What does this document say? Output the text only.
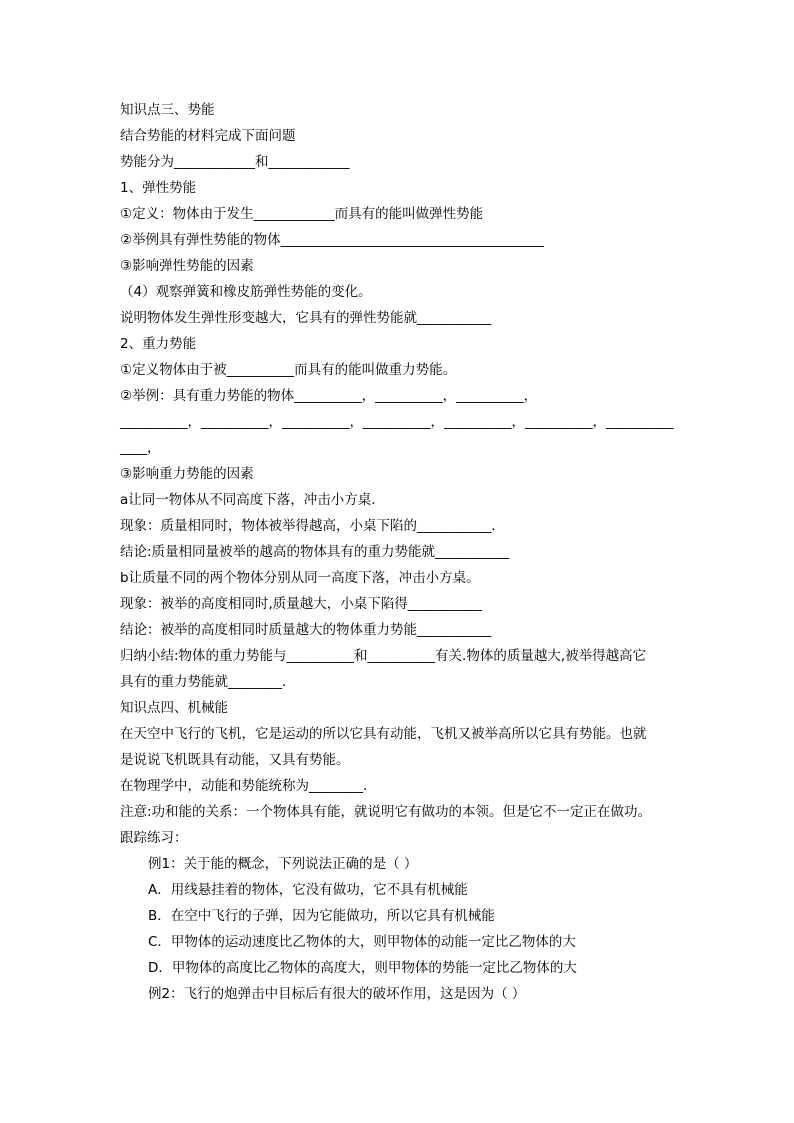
知识点三、势能
结合势能的材料完成下面问题
势能分为____________和____________
1、弹性势能
①定义：物体由于发生____________而具有的能叫做弹性势能
②举例具有弹性势能的物体_______________________________________
③影响弹性势能的因素
（4）观察弹簧和橡皮筋弹性势能的变化。
说明物体发生弹性形变越大，它具有的弹性势能就___________
2、重力势能
①定义物体由于被__________而具有的能叫做重力势能。
②举例：具有重力势能的物体__________，__________，__________，
__________，__________，__________，__________，__________，__________，__________
____，
③影响重力势能的因素
a让同一物体从不同高度下落，冲击小方桌.
现象：质量相同时，物体被举得越高，小桌下陷的___________.
结论:质量相同量被举的越高的物体具有的重力势能就___________
b让质量不同的两个物体分别从同一高度下落，冲击小方桌。
现象：被举的高度相同时,质量越大，小桌下陷得___________
结论：被举的高度相同时质量越大的物体重力势能___________
归纳小结:物体的重力势能与__________和__________有关.物体的质量越大,被举得越高它
具有的重力势能就________.
知识点四、机械能
在天空中飞行的飞机，它是运动的所以它具有动能，飞机又被举高所以它具有势能。也就
是说说飞机既具有动能，又具有势能。
在物理学中，动能和势能统称为________.
注意:功和能的关系：一个物体具有能，就说明它有做功的本领。但是它不一定正在做功。
跟踪练习：
例1：关于能的概念，下列说法正确的是（ ）
A．用线悬挂着的物体，它没有做功，它不具有机械能
B．在空中飞行的子弹，因为它能做功，所以它具有机械能
C．甲物体的运动速度比乙物体的大，则甲物体的动能一定比乙物体的大
D．甲物体的高度比乙物体的高度大，则甲物体的势能一定比乙物体的大
例2：飞行的炮弹击中目标后有很大的破坏作用，这是因为（ ）
